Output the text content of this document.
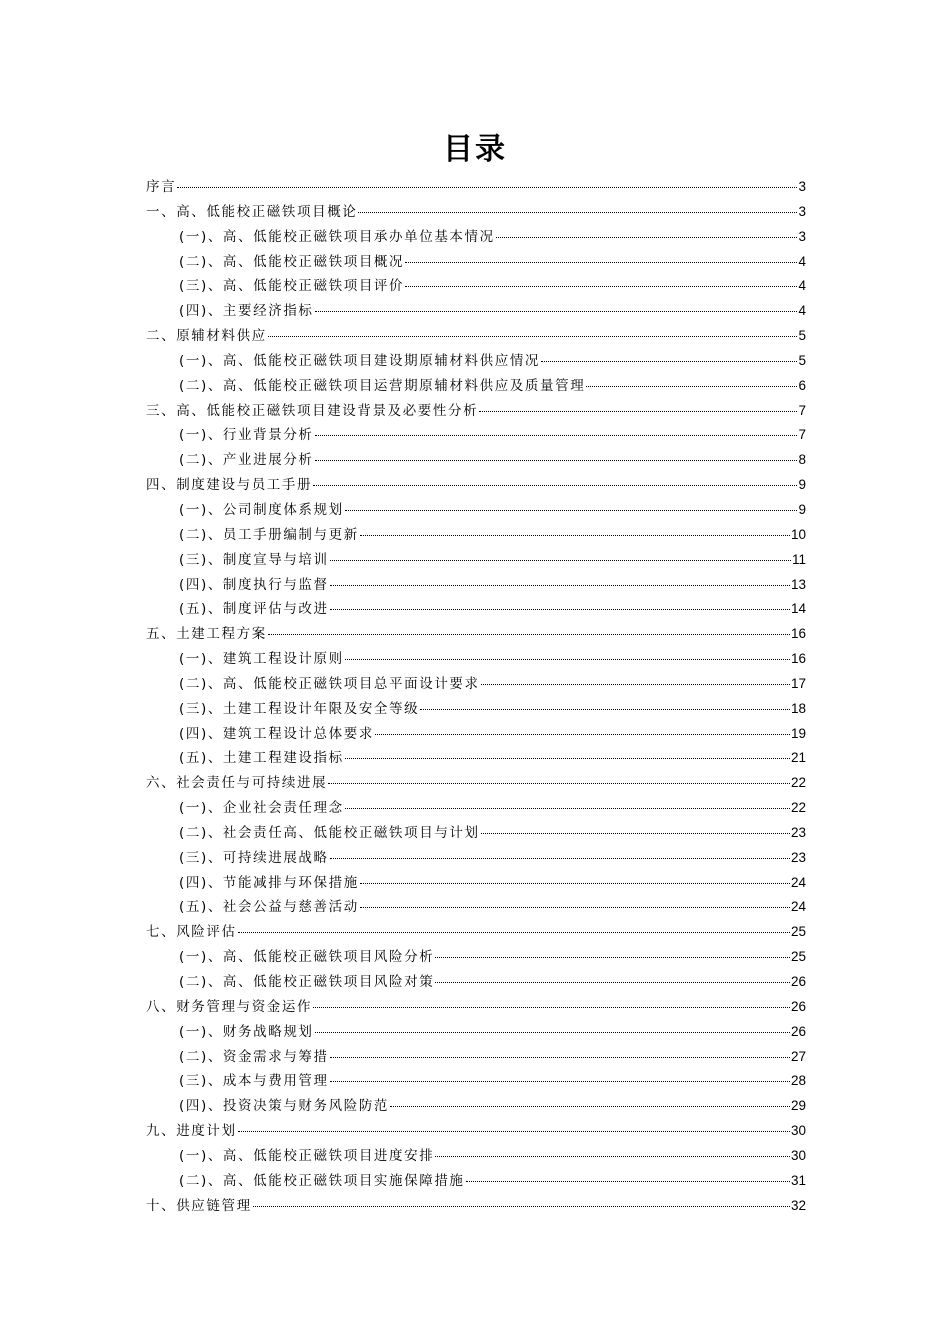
目录
序言	3
一、高、低能校正磁铁项目概论	3
(一)、高、低能校正磁铁项目承办单位基本情况	3
(二)、高、低能校正磁铁项目概况	4
(三)、高、低能校正磁铁项目评价	4
(四)、主要经济指标	4
二、原辅材料供应	5
(一)、高、低能校正磁铁项目建设期原辅材料供应情况	5
(二)、高、低能校正磁铁项目运营期原辅材料供应及质量管理	6
三、高、低能校正磁铁项目建设背景及必要性分析	7
(一)、行业背景分析	7
(二)、产业进展分析	8
四、制度建设与员工手册	9
(一)、公司制度体系规划	9
(二)、员工手册编制与更新	10
(三)、制度宣导与培训	11
(四)、制度执行与监督	13
(五)、制度评估与改进	14
五、土建工程方案	16
(一)、建筑工程设计原则	16
(二)、高、低能校正磁铁项目总平面设计要求	17
(三)、土建工程设计年限及安全等级	18
(四)、建筑工程设计总体要求	19
(五)、土建工程建设指标	21
六、社会责任与可持续进展	22
(一)、企业社会责任理念	22
(二)、社会责任高、低能校正磁铁项目与计划	23
(三)、可持续进展战略	23
(四)、节能减排与环保措施	24
(五)、社会公益与慈善活动	24
七、风险评估	25
(一)、高、低能校正磁铁项目风险分析	25
(二)、高、低能校正磁铁项目风险对策	26
八、财务管理与资金运作	26
(一)、财务战略规划	26
(二)、资金需求与筹措	27
(三)、成本与费用管理	28
(四)、投资决策与财务风险防范	29
九、进度计划	30
(一)、高、低能校正磁铁项目进度安排	30
(二)、高、低能校正磁铁项目实施保障措施	31
十、供应链管理	32
